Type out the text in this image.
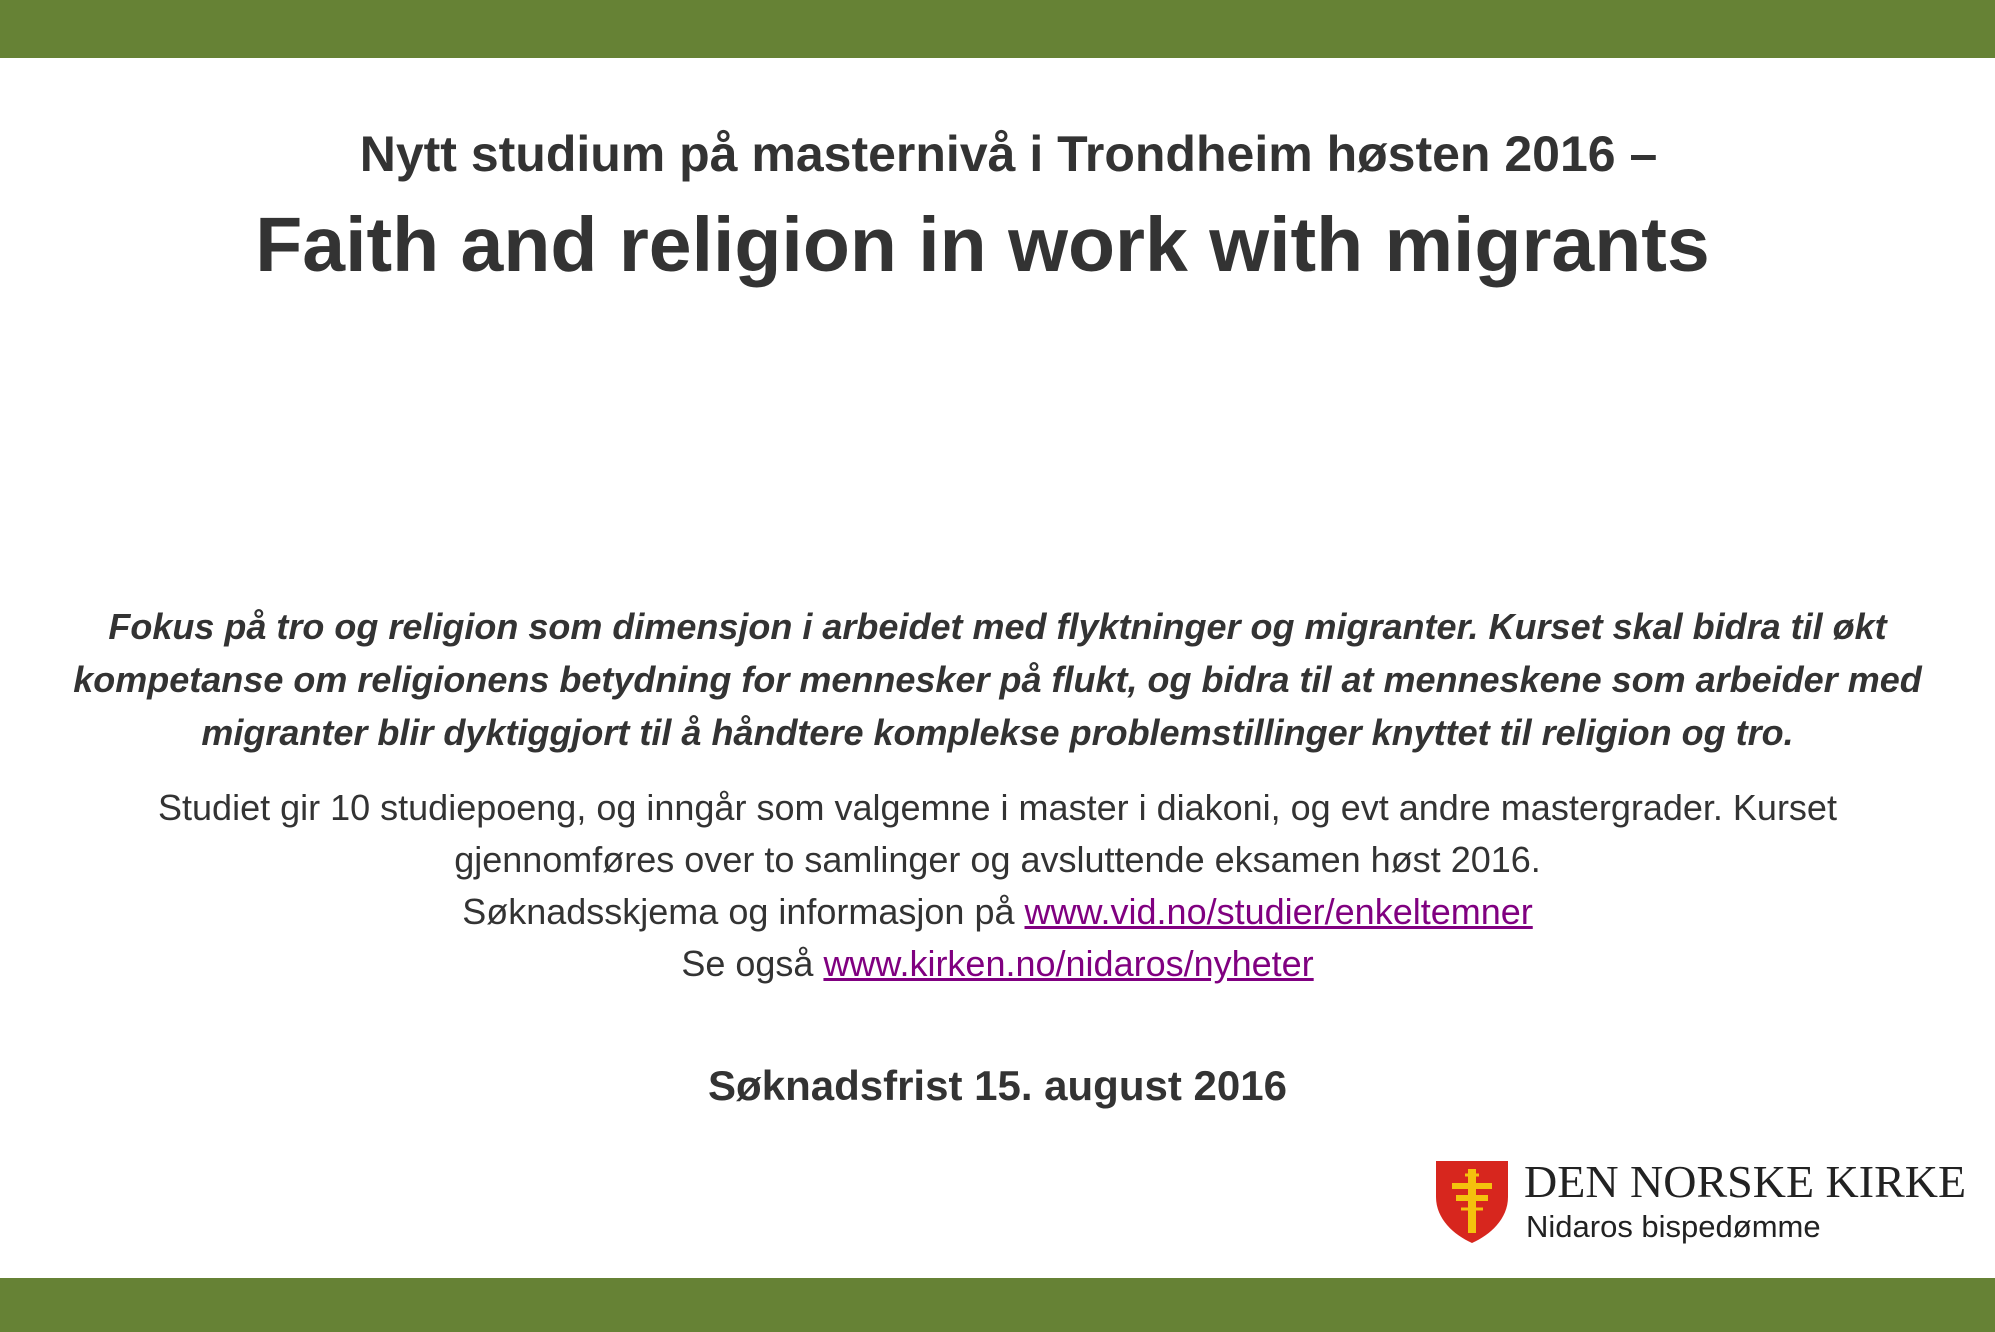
Nytt studium på masternivå i Trondheim høsten 2016 –
Faith and religion in work with migrants
Fokus på tro og religion som dimensjon i arbeidet med flyktninger og migranter. Kurset skal bidra til økt kompetanse om religionens betydning for mennesker på flukt, og bidra til at menneskene som arbeider med migranter blir dyktiggjort til å håndtere komplekse problemstillinger knyttet til religion og tro.

Studiet gir 10 studiepoeng, og inngår som valgemne i master i diakoni, og evt andre mastergrader. Kurset gjennomføres over to samlinger og avsluttende eksamen høst 2016.

Søknadsskjema og informasjon på www.vid.no/studier/enkeltemner

Se også www.kirken.no/nidaros/nyheter

Søknadsfrist 15. august 2016
DEN NORSKE KIRKE
Nidaros bispedømme
